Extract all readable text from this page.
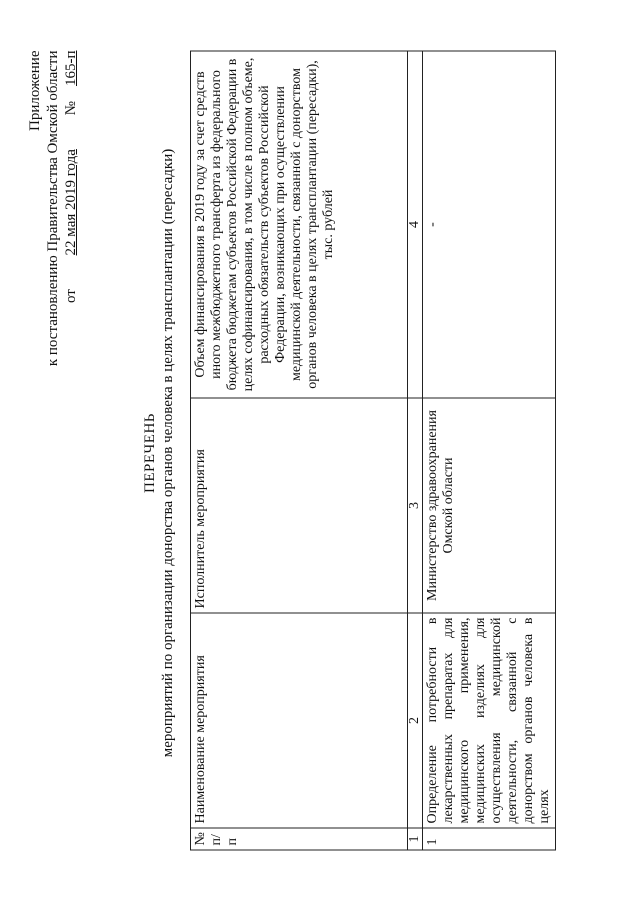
Приложение к постановлению Правительства Омской области от         22 мая 2019 года         №    165-п
ПЕРЕЧЕНЬ мероприятий по организации донорства органов человека в целях трансплантации (пересадки)
№ п/п	Наименование мероприятия	Исполнитель мероприятия	Объем финансирования в 2019 году за счет средств иного межбюджетного трансферта из федерального бюджета бюджетам субъектов Российской Федерации в целях софинансирования, в том числе в полном объеме, расходных обязательств субъектов Российской Федерации, возникающих при осуществлении медицинской деятельности, связанной с донорством органов человека в целях трансплантации (пересадки), тыс. рублей
1	2	3	4
1	Определение потребности в лекарственных препаратах для медицинского применения, медицинских изделиях для осуществления медицинской деятельности, связанной с донорством органов человека в целях	Министерство здравоохранения Омской области	-
